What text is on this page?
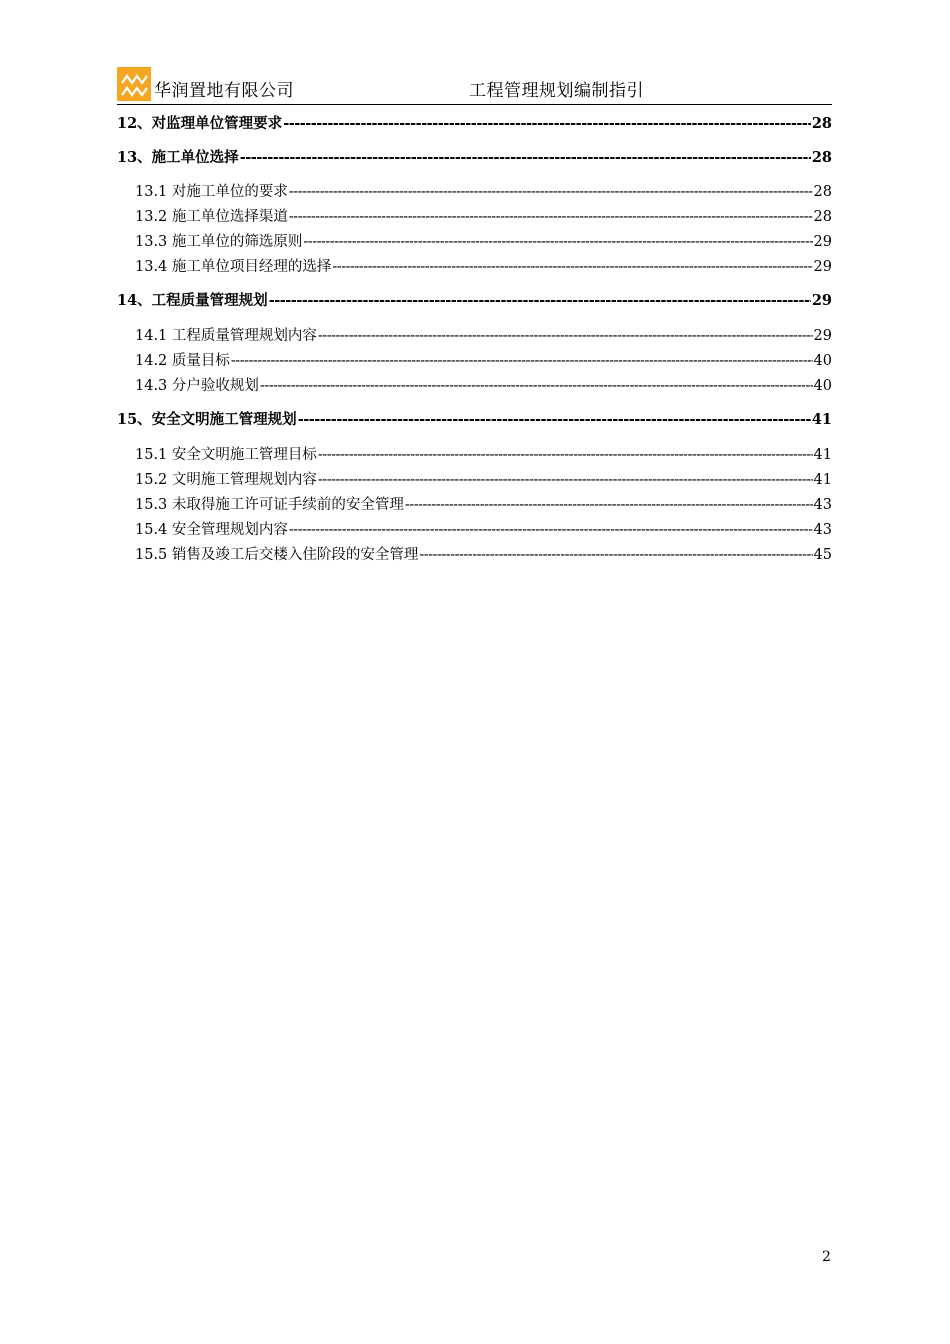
华润置地有限公司	工程管理规划编制指引
12、对监理单位管理要求 -----	28
13、施工单位选择 -----	28
13.1 对施工单位的要求 -----	28
13.2 施工单位选择渠道 -----	28
13.3 施工单位的筛选原则 -----	29
13.4 施工单位项目经理的选择 -----	29
14、工程质量管理规划 -----	29
14.1 工程质量管理规划内容 -----	29
14.2 质量目标 -----	40
14.3 分户验收规划 -----	40
15、安全文明施工管理规划 -----	41
15.1 安全文明施工管理目标 -----	41
15.2 文明施工管理规划内容 -----	41
15.3 未取得施工许可证手续前的安全管理 -----	43
15.4 安全管理规划内容 -----	43
15.5 销售及竣工后交楼入住阶段的安全管理 -----	45
2
